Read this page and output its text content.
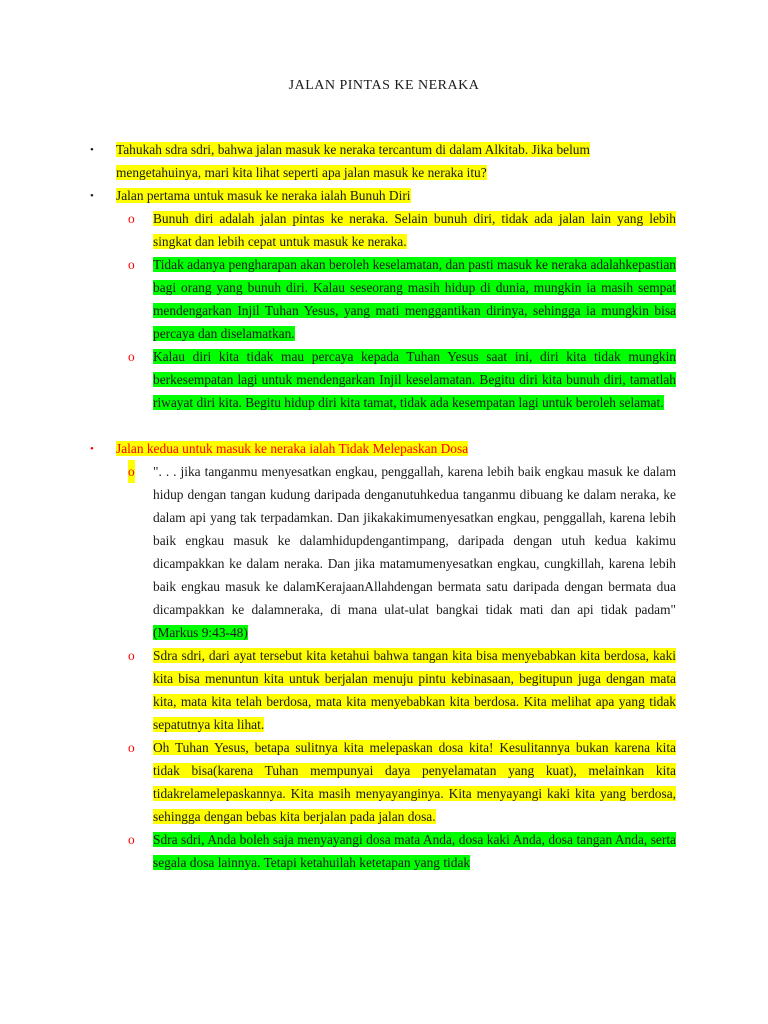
JALAN PINTAS KE NERAKA

• Tahukah sdra sdri, bahwa jalan masuk ke neraka tercantum di dalam Alkitab. Jika belum mengetahuinya, mari kita lihat seperti apa jalan masuk ke neraka itu?

• Jalan pertama untuk masuk ke neraka ialah Bunuh Diri

o Bunuh diri adalah jalan pintas ke neraka. Selain bunuh diri, tidak ada jalan lain yang lebih singkat dan lebih cepat untuk masuk ke neraka.

o Tidak adanya pengharapan akan beroleh keselamatan, dan pasti masuk ke neraka adalahkepastian bagi orang yang bunuh diri. Kalau seseorang masih hidup di dunia, mungkin ia masih sempat mendengarkan Injil Tuhan Yesus, yang mati menggantikan dirinya, sehingga ia mungkin bisa percaya dan diselamatkan.

o Kalau diri kita tidak mau percaya kepada Tuhan Yesus saat ini, diri kita tidak mungkin berkesempatan lagi untuk mendengarkan Injil keselamatan. Begitu diri kita bunuh diri, tamatlah riwayat diri kita. Begitu hidup diri kita tamat, tidak ada kesempatan lagi untuk beroleh selamat.

• Jalan kedua untuk masuk ke neraka ialah Tidak Melepaskan Dosa

o ". . . jika tanganmu menyesatkan engkau, penggallah, karena lebih baik engkau masuk ke dalam hidup dengan tangan kudung daripada denganutuhkedua tanganmu dibuang ke dalam neraka, ke dalam api yang tak terpadamkan. Dan jikakakimumenyesatkan engkau, penggallah, karena lebih baik engkau masuk ke dalamhidupdengantimpang, daripada dengan utuh kedua kakimu dicampakkan ke dalam neraka. Dan jika matamumenyesatkan engkau, cungkillah, karena lebih baik engkau masuk ke dalamKerajaanAllahdengan bermata satu daripada dengan bermata dua dicampakkan ke dalamneraka, di mana ulat-ulat bangkai tidak mati dan api tidak padam" (Markus 9:43-48)

o Sdra sdri, dari ayat tersebut kita ketahui bahwa tangan kita bisa menyebabkan kita berdosa, kaki kita bisa menuntun kita untuk berjalan menuju pintu kebinasaan, begitupun juga dengan mata kita, mata kita telah berdosa, mata kita menyebabkan kita berdosa. Kita melihat apa yang tidak sepatutnya kita lihat.

o Oh Tuhan Yesus, betapa sulitnya kita melepaskan dosa kita! Kesulitannya bukan karena kita tidak bisa(karena Tuhan mempunyai daya penyelamatan yang kuat), melainkan kita tidakrelamelepaskannya. Kita masih menyayanginya. Kita menyayangi kaki kita yang berdosa, sehingga dengan bebas kita berjalan pada jalan dosa.

o Sdra sdri, Anda boleh saja menyayangi dosa mata Anda, dosa kaki Anda, dosa tangan Anda, serta segala dosa lainnya. Tetapi ketahuilah ketetapan yang tidak
